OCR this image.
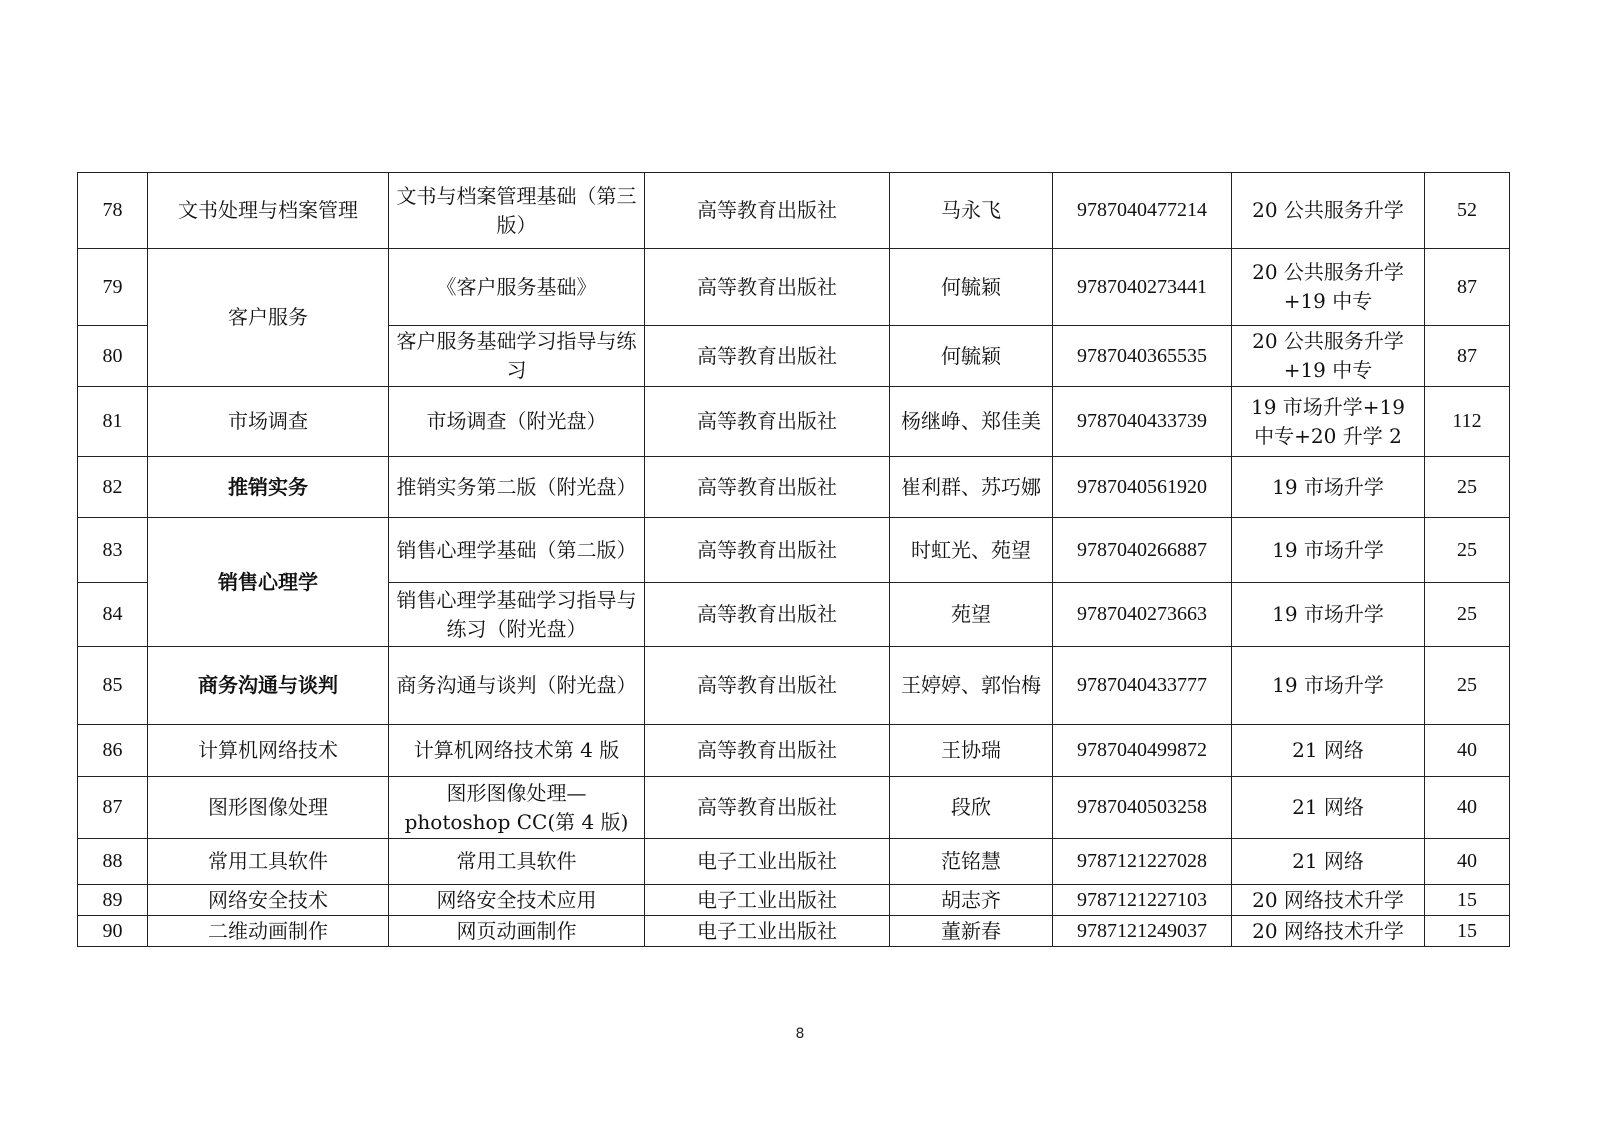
78	文书处理与档案管理	文书与档案管理基础（第三版）	高等教育出版社	马永飞	9787040477214	20 公共服务升学	52
79	客户服务	《客户服务基础》	高等教育出版社	何毓颖	9787040273441	20 公共服务升学+19 中专	87
80		客户服务基础学习指导与练习	高等教育出版社	何毓颖	9787040365535	20 公共服务升学+19 中专	87
81	市场调查	市场调查（附光盘）	高等教育出版社	杨继峥、郑佳美	9787040433739	19 市场升学+19 中专+20 升学 2	112
82	推销实务	推销实务第二版（附光盘）	高等教育出版社	崔利群、苏巧娜	9787040561920	19 市场升学	25
83	销售心理学	销售心理学基础（第二版）	高等教育出版社	时虹光、苑望	9787040266887	19 市场升学	25
84		销售心理学基础学习指导与练习（附光盘）	高等教育出版社	苑望	9787040273663	19 市场升学	25
85	商务沟通与谈判	商务沟通与谈判（附光盘）	高等教育出版社	王婷婷、郭怡梅	9787040433777	19 市场升学	25
86	计算机网络技术	计算机网络技术第 4 版	高等教育出版社	王协瑞	9787040499872	21 网络	40
87	图形图像处理	图形图像处理—photoshop CC(第 4 版)	高等教育出版社	段欣	9787040503258	21 网络	40
88	常用工具软件	常用工具软件	电子工业出版社	范铭慧	9787121227028	21 网络	40
89	网络安全技术	网络安全技术应用	电子工业出版社	胡志齐	9787121227103	20 网络技术升学	15
90	二维动画制作	网页动画制作	电子工业出版社	董新春	9787121249037	20 网络技术升学	15
8
